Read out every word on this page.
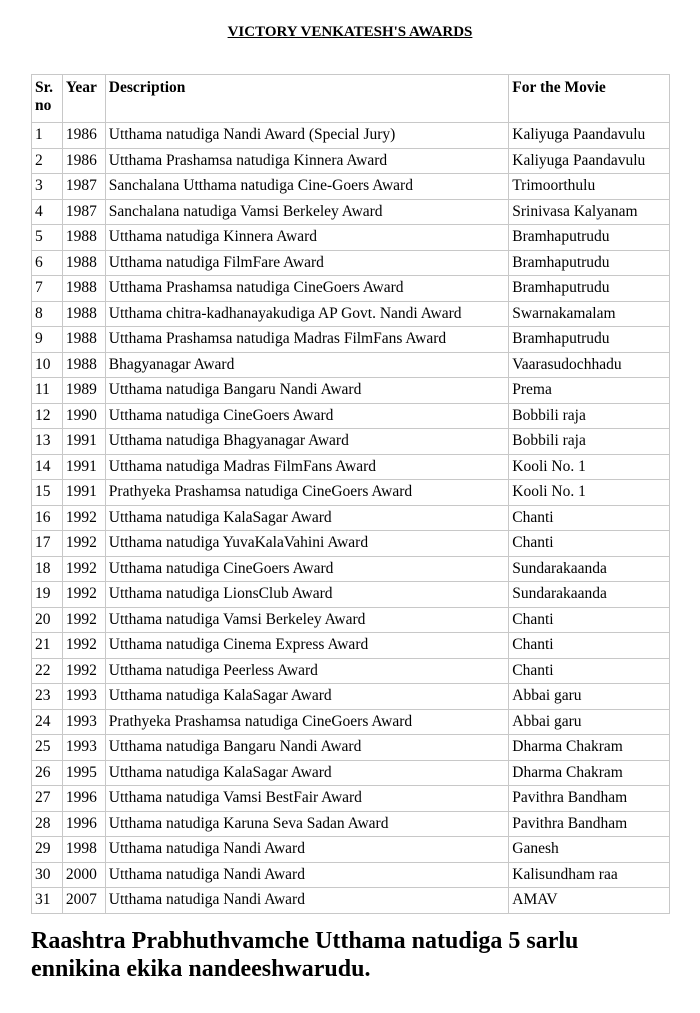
VICTORY VENKATESH'S AWARDS
Sr. no	Year	Description	For the Movie
1	1986	Utthama natudiga Nandi Award (Special Jury)	Kaliyuga Paandavulu
2	1986	Utthama Prashamsa natudiga Kinnera Award	Kaliyuga Paandavulu
3	1987	Sanchalana Utthama natudiga Cine-Goers Award	Trimoorthulu
4	1987	Sanchalana natudiga Vamsi Berkeley Award	Srinivasa Kalyanam
5	1988	Utthama natudiga Kinnera Award	Bramhaputrudu
6	1988	Utthama natudiga FilmFare Award	Bramhaputrudu
7	1988	Utthama Prashamsa natudiga CineGoers Award	Bramhaputrudu
8	1988	Utthama chitra-kadhanayakudiga AP Govt. Nandi Award	Swarnakamalam
9	1988	Utthama Prashamsa natudiga Madras FilmFans Award	Bramhaputrudu
10	1988	Bhagyanagar Award	Vaarasudochhadu
11	1989	Utthama natudiga Bangaru Nandi Award	Prema
12	1990	Utthama natudiga CineGoers Award	Bobbili raja
13	1991	Utthama natudiga Bhagyanagar Award	Bobbili raja
14	1991	Utthama natudiga Madras FilmFans Award	Kooli No. 1
15	1991	Prathyeka Prashamsa natudiga CineGoers Award	Kooli No. 1
16	1992	Utthama natudiga KalaSagar Award	Chanti
17	1992	Utthama natudiga YuvaKalaVahini Award	Chanti
18	1992	Utthama natudiga CineGoers Award	Sundarakaanda
19	1992	Utthama natudiga LionsClub Award	Sundarakaanda
20	1992	Utthama natudiga Vamsi Berkeley Award	Chanti
21	1992	Utthama natudiga Cinema Express Award	Chanti
22	1992	Utthama natudiga Peerless Award	Chanti
23	1993	Utthama natudiga KalaSagar Award	Abbai garu
24	1993	Prathyeka Prashamsa natudiga CineGoers Award	Abbai garu
25	1993	Utthama natudiga Bangaru Nandi Award	Dharma Chakram
26	1995	Utthama natudiga KalaSagar Award	Dharma Chakram
27	1996	Utthama natudiga Vamsi BestFair Award	Pavithra Bandham
28	1996	Utthama natudiga Karuna Seva Sadan Award	Pavithra Bandham
29	1998	Utthama natudiga Nandi Award	Ganesh
30	2000	Utthama natudiga Nandi Award	Kalisundham raa
31	2007	Utthama natudiga Nandi Award	AMAV

Raashtra Prabhuthvamche Utthama natudiga 5 sarlu ennikina ekika nandeeshwarudu.
